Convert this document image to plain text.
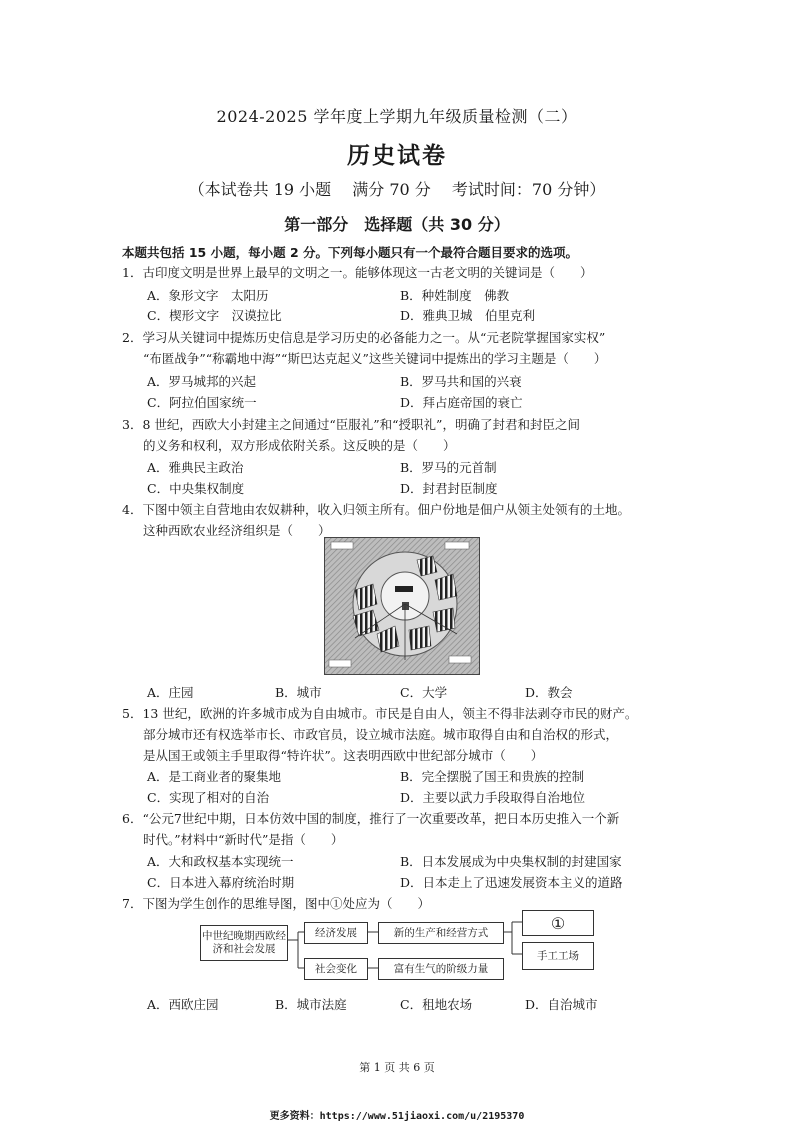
2024-2025 学年度上学期九年级质量检测（二）
历史试卷
（本试卷共 19 小题 满分 70 分 考试时间：70 分钟）
第一部分　选择题（共 30 分）
本题共包括 15 小题，每小题 2 分。下列每小题只有一个最符合题目要求的选项。
1．古印度文明是世界上最早的文明之一。能够体现这一古老文明的关键词是（　　）
A．象形文字　太阳历	B．种姓制度　佛教
C．楔形文字　汉谟拉比	D．雅典卫城　伯里克利
2．学习从关键词中提炼历史信息是学习历史的必备能力之一。从“元老院掌握国家实权”
“布匿战争”“称霸地中海”“斯巴达克起义”这些关键词中提炼出的学习主题是（　　）
A．罗马城邦的兴起	B．罗马共和国的兴衰
C．阿拉伯国家统一	D．拜占庭帝国的衰亡
3．8 世纪，西欧大小封建主之间通过“臣服礼”和“授职礼”，明确了封君和封臣之间
的义务和权利，双方形成依附关系。这反映的是（　　）
A．雅典民主政治	B．罗马的元首制
C．中央集权制度	D．封君封臣制度
4．下图中领主自营地由农奴耕种，收入归领主所有。佃户份地是佃户从领主处领有的土地。
这种西欧农业经济组织是（　　）
A．庄园	B．城市	C．大学	D．教会
5．13 世纪，欧洲的许多城市成为自由城市。市民是自由人，领主不得非法剥夺市民的财产。
部分城市还有权选举市长、市政官员，设立城市法庭。城市取得自由和自治权的形式，
是从国王或领主手里取得“特许状”。这表明西欧中世纪部分城市（　　）
A．是工商业者的聚集地	B．完全摆脱了国王和贵族的控制
C．实现了相对的自治	D．主要以武力手段取得自治地位
6．“公元7世纪中期，日本仿效中国的制度，推行了一次重要改革，把日本历史推入一个新
时代。”材料中“新时代”是指（　　）
A．大和政权基本实现统一	B．日本发展成为中央集权制的封建国家
C．日本进入幕府统治时期	D．日本走上了迅速发展资本主义的道路
7．下图为学生创作的思维导图，图中①处应为（　　）
中世纪晚期西欧经济和社会发展
经济发展
社会变化
新的生产和经营方式
富有生气的阶级力量
①
手工工场
A．西欧庄园	B．城市法庭	C．租地农场	D．自治城市
第 1 页 共 6 页
更多资料：https://www.51jiaoxi.com/u/2195370
